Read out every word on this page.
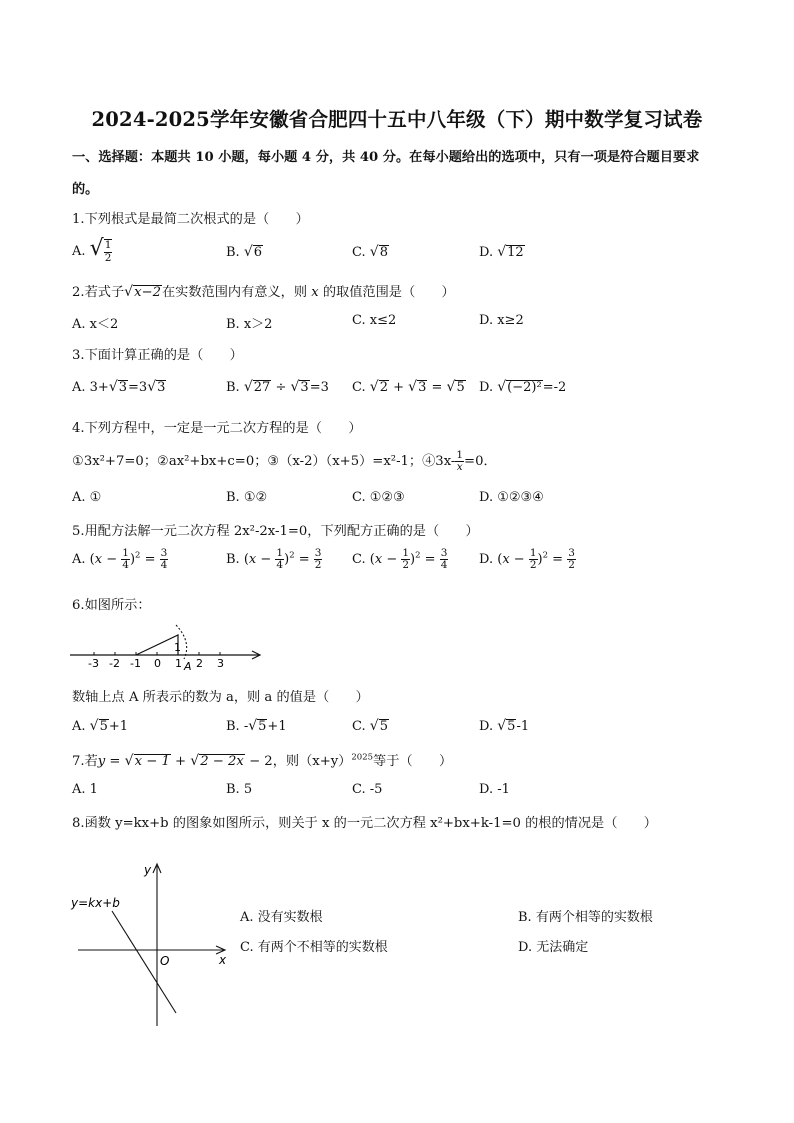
2024-2025学年安徽省合肥四十五中八年级（下）期中数学复习试卷
一、选择题：本题共 10 小题，每小题 4 分，共 40 分。在每小题给出的选项中，只有一项是符合题目要求
的。
1.下列根式是最简二次根式的是（　　）
A. √ $\frac{1}{2}$	B. √6	C. √8	D. √12
2.若式子√x−2在实数范围内有意义，则 x 的取值范围是（　　）
A. x＜2	B. x＞2	C. x≤2	D. x≥2
3.下面计算正确的是（　　）
A. 3+√3=3√3	B. √27 ÷ √3=3 C. √2 + √3 = √5 D. √(−2)²=-2
4.下列方程中，一定是一元二次方程的是（　　）
①3x²+7=0；②ax²+bx+c=0；③（x-2）（x+5）=x²-1；④3x- $\frac{1}{x} =0$．
A. ①	B. ①②	C. ①②③	D. ①②③④
5.用配方法解一元二次方程 2x²-2x-1=0，下列配方正确的是（　　）
A. $(x - \frac{1}{4} )^2 = \frac{3}{4}$	B. $(x - \frac{1}{4} )^2 = \frac{3}{2} C$. $(x - \frac{1}{2} )^2 = \frac{3}{4} D$. $(x - \frac{1}{2} )^2 = \frac{3}{2}$
6.如图所示：
1
A
-3 -2 -1 0 1 2 3
数轴上点 A 所表示的数为 a，则 a 的值是（　　）
A. √5+1	B. -√5+1	C. √5	D. √5-1
7.若y = √x − 1 + √2 − 2x − 2，则$(x+y)^{2025}$等于（　　）
A. 1	B. 5	C. -5	D. -1
8.函数 y=kx+b 的图象如图所示，则关于 x 的一元二次方程 x²+bx+k-1=0 的根的情况是（　　）
y
x
O
y=kx+b
A. 没有实数根	B. 有两个相等的实数根
C. 有两个不相等的实数根	D. 无法确定
